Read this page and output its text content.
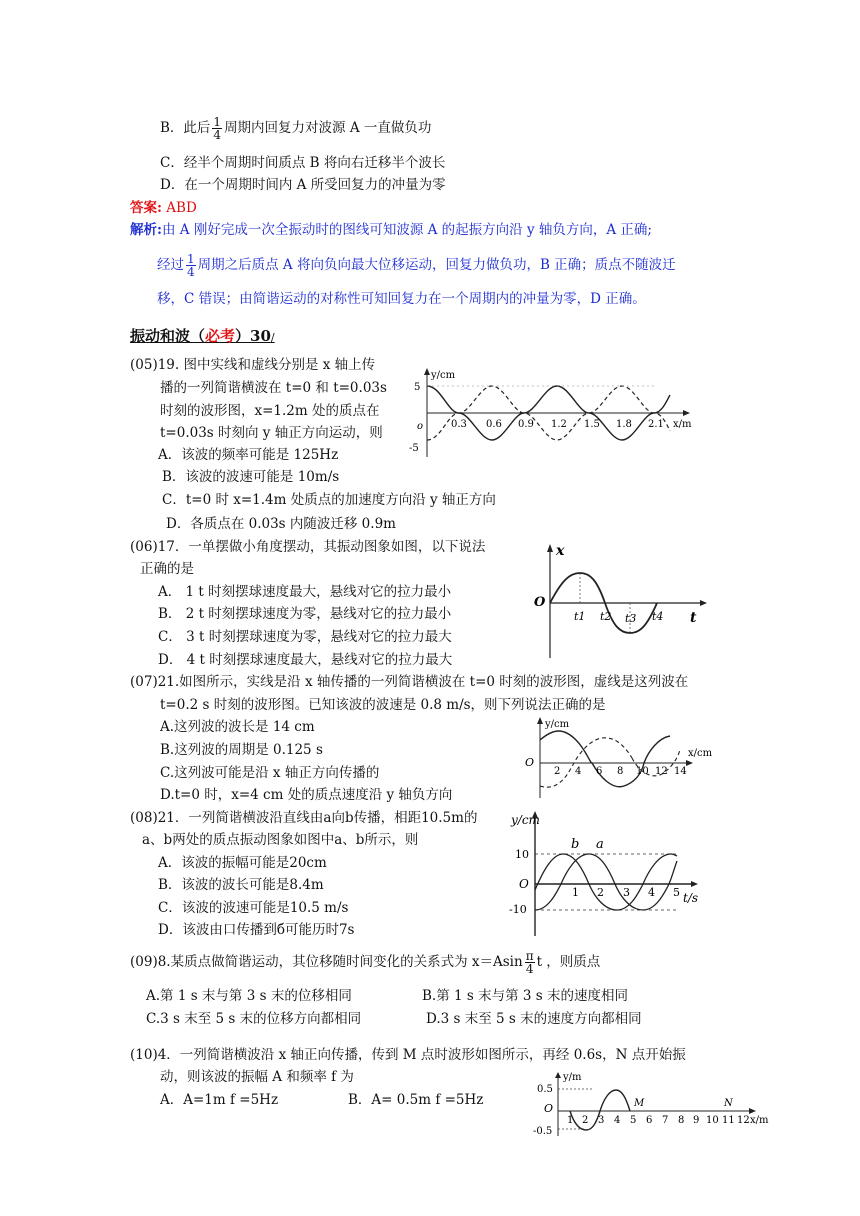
B．此后 $\frac{1}{4}$ 周期内回复力对波源 A 一直做负功
C．经半个周期时间质点 B 将向右迁移半个波长
D．在一个周期时间内 A 所受回复力的冲量为零
答案: ABD
解析:由 A 刚好完成一次全振动时的图线可知波源 A 的起振方向沿 y 轴负方向，A 正确;
经过 $\frac{1}{4}$ 周期之后质点 A 将向负向最大位移运动，回复力做负功，B 正确；质点不随波迁
移，C 错误；由简谐运动的对称性可知回复力在一个周期内的冲量为零，D 正确。
振动和波（必考）30/
(05)19. 图中实线和虚线分别是 x 轴上传
播的一列简谐横波在 t=0 和 t=0.03s
时刻的波形图，x=1.2m 处的质点在
t=0.03s 时刻向 y 轴正方向运动，则
A．该波的频率可能是 125Hz
B．该波的波速可能是 10m/s
C．t=0 时 x=1.4m 处质点的加速度方向沿 y 轴正方向
D．各质点在 0.03s 内随波迁移 0.9m
y/cm
x/m
5
-5
o	0.3 0.6 0.9 1.2 1.5 1.8 2.1
(06)17．一单摆做小角度摆动，其振动图象如图，以下说法
正确的是
A． 1 t 时刻摆球速度最大，悬线对它的拉力最小
B． 2 t 时刻摆球速度为零，悬线对它的拉力最小
C． 3 t 时刻摆球速度为零，悬线对它的拉力最大
D． 4 t 时刻摆球速度最大，悬线对它的拉力最大
x
t
O
t1 t2 t3 t4
(07)21.如图所示，实线是沿 x 轴传播的一列简谐横波在 t=0 时刻的波形图，虚线是这列波在
t=0.2 s 时刻的波形图。已知该波的波速是 0.8 m/s，则下列说法正确的是
A.这列波的波长是 14 cm
B.这列波的周期是 0.125 s
C.这列波可能是沿 x 轴正方向传播的
D.t=0 时，x=4 cm 处的质点速度沿 y 轴负方向
y/cm
x/cm
O
2 4 6 8 10 12 14
(08)21．一列简谐横波沿直线由a向b传播，相距10.5m的
a、b两处的质点振动图象如图中a、b所示，则
A．该波的振幅可能是20cm
B．该波的波长可能是8.4m
C．该波的波速可能是10.5 m/s
D．该波由口传播到б可能历时7s
y/cm
t/s
10
-10
O
b a
1 2 3 4 5
(09)8.某质点做简谐运动，其位移随时间变化的关系式为 $x=Asin \frac{\pi}{4}$ t ，则质点
A.第 1 s 末与第 3 s 末的位移相同	B.第 1 s 末与第 3 s 末的速度相同
C.3 s 末至 5 s 末的位移方向都相同	D.3 s 末至 5 s 末的速度方向都相同
(10)4．一列简谐横波沿 x 轴正向传播，传到 M 点时波形如图所示，再经 0.6s，N 点开始振
动，则该波的振幅 A 和频率 f 为
A．A=1m f =5Hz	B．A= 0.5m f =5Hz
y/m
x/m
0.5
-0.5
O	M	N
1 2 3 4 5 6 7 8 9 10 11 12
